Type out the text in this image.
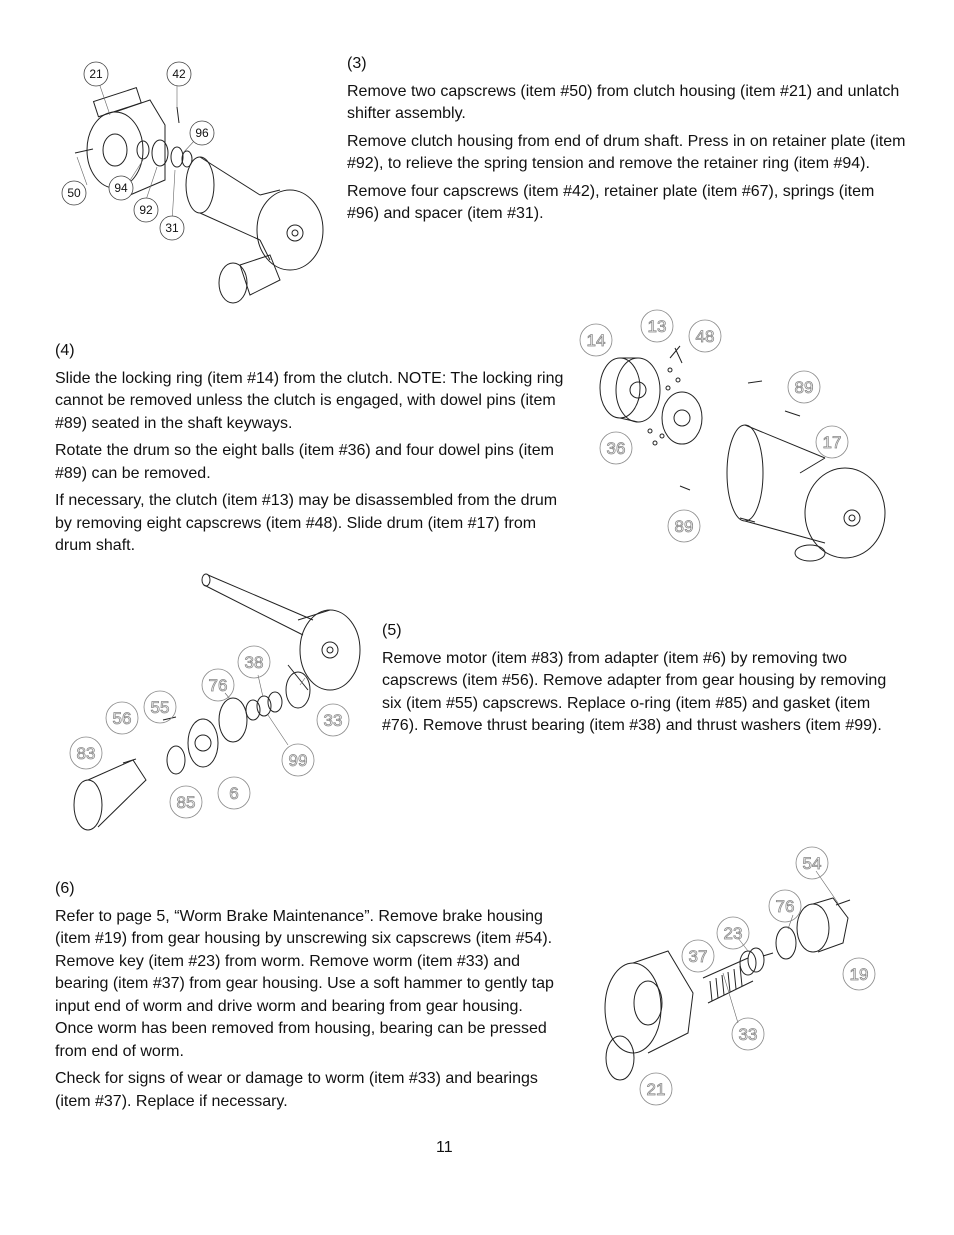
(3)

Remove two capscrews (item #50) from clutch housing (item #21) and unlatch shifter assembly.

Remove clutch housing from end of drum shaft. Press in on retainer plate (item #92), to relieve the spring tension and remove the retainer ring (item #94).

Remove four capscrews (item #42), retainer plate (item #67), springs (item #96) and spacer (item #31).

21	42
96
50	94
92
31
(4)

Slide the locking ring (item #14) from the clutch. NOTE: The locking ring cannot be removed unless the clutch is engaged, with dowel pins (item #89) seated in the shaft keyways.

Rotate the drum so the eight balls (item #36) and four dowel pins (item #89) can be removed.

If necessary, the clutch (item #13) may be disassembled from the drum by removing eight capscrews (item #48). Slide drum (item #17) from drum shaft.

14
13
48
89
36	17
89
(5)

Remove motor (item #83) from adapter (item #6) by removing two capscrews (item #56). Remove adapter from gear housing by removing six (item #55) capscrews. Replace o-ring (item #85) and gasket (item #76). Remove thrust bearing (item #38) and thrust washers (item #99).

38
76
56
55
33
83	99
85 6
(6)

Refer to page 5, “Worm Brake Maintenance”. Remove brake housing (item #19) from gear housing by unscrewing six capscrews (item #54). Remove key (item #23) from worm. Remove worm (item #33) and bearing (item #37) from gear housing. Use a soft hammer to gently tap input end of worm and drive worm and bearing from gear housing. Once worm has been removed from housing, bearing can be pressed from end of worm.

Check for signs of wear or damage to worm (item #33) and bearings (item #37). Replace if necessary.

54
76
23
37
19
33
21
11
